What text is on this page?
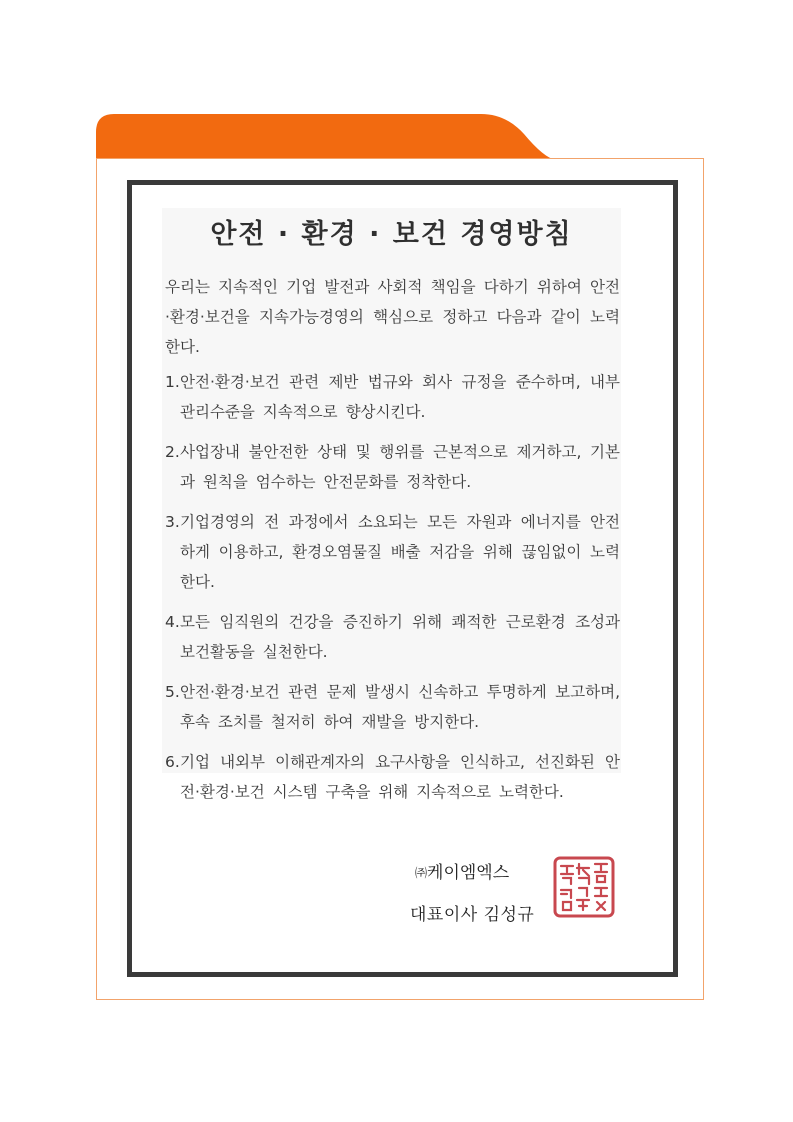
안전 · 환경 · 보건 경영방침
우리는 지속적인 기업 발전과 사회적 책임을 다하기 위하여 안전·환경·보건을 지속가능경영의 핵심으로 정하고 다음과 같이 노력한다.
1. 안전·환경·보건 관련 제반 법규와 회사 규정을 준수하며, 내부관리수준을 지속적으로 향상시킨다.
2. 사업장내 불안전한 상태 및 행위를 근본적으로 제거하고, 기본과 원칙을 엄수하는 안전문화를 정착한다.
3. 기업경영의 전 과정에서 소요되는 모든 자원과 에너지를 안전하게 이용하고, 환경오염물질 배출 저감을 위해 끊임없이 노력한다.
4. 모든 임직원의 건강을 증진하기 위해 쾌적한 근로환경 조성과 보건활동을 실천한다.
5. 안전·환경·보건 관련 문제 발생시 신속하고 투명하게 보고하며, 후속 조치를 철저히 하여 재발을 방지한다.
6. 기업 내외부 이해관계자의 요구사항을 인식하고, 선진화된 안전·환경·보건 시스템 구축을 위해 지속적으로 노력한다.
㈜케이엠엑스
대표이사 김성규
